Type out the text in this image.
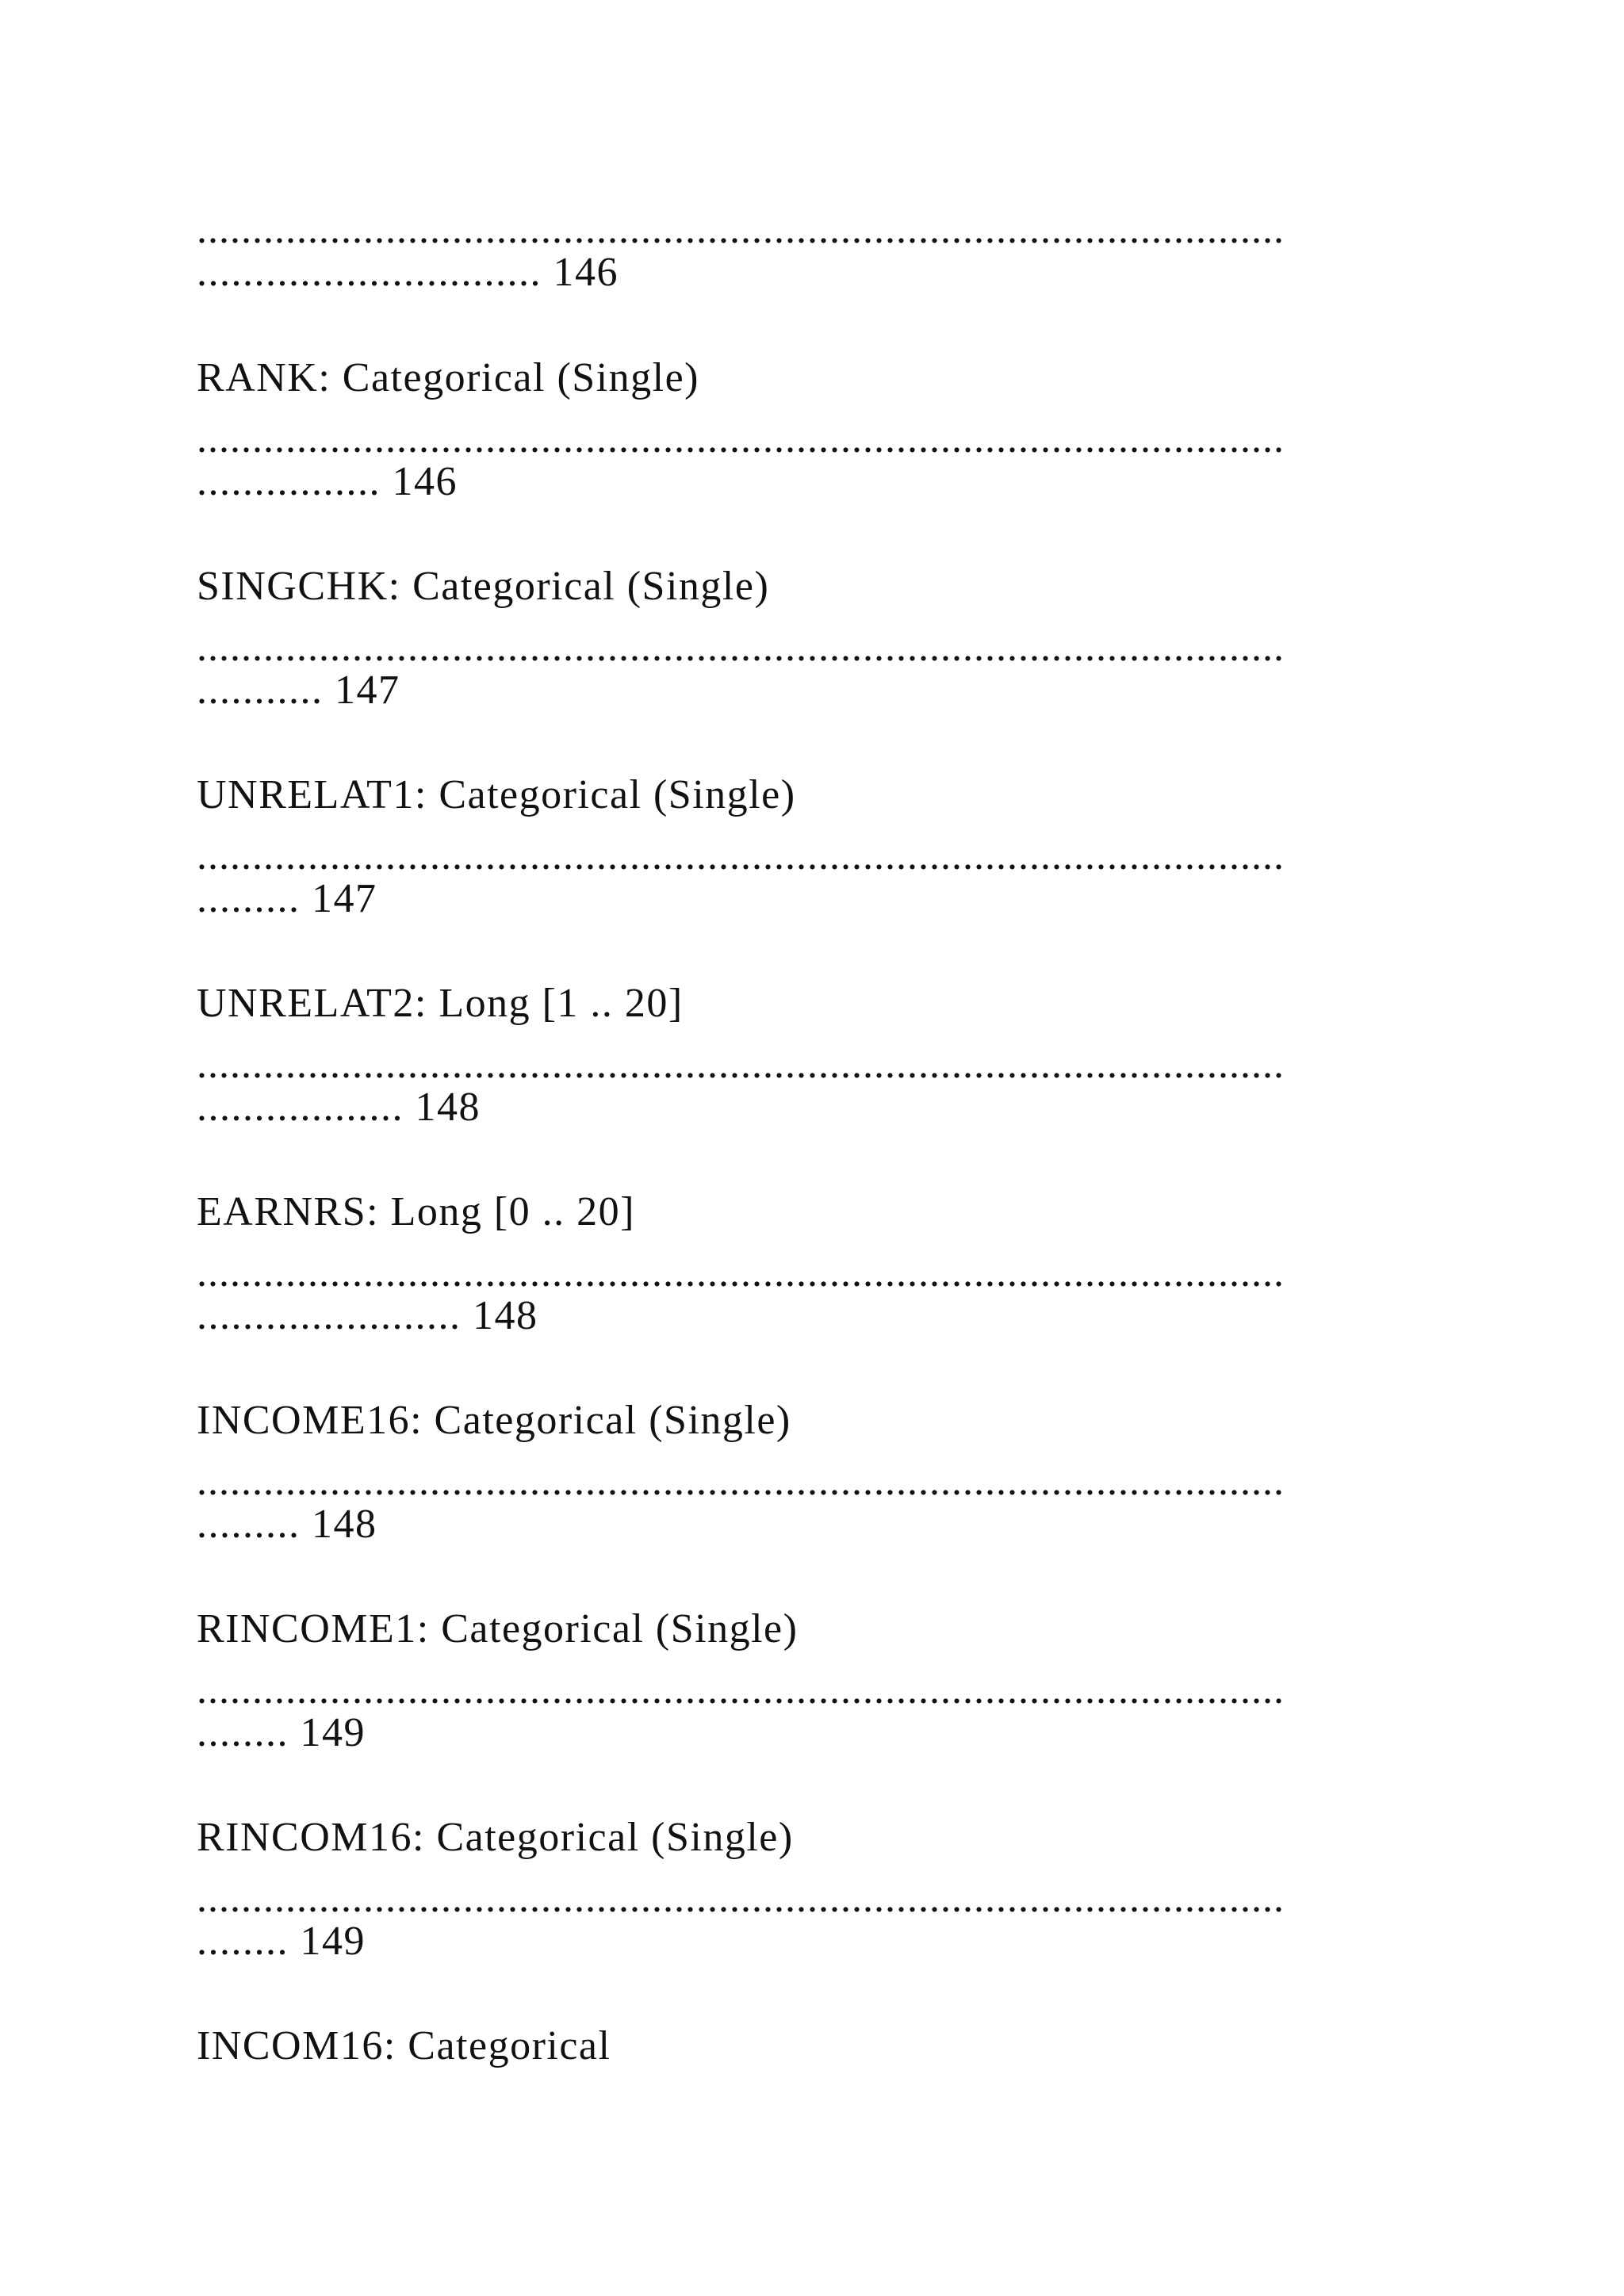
..................................................................................................
.............................. 146
RANK: Categorical (Single)
..................................................................................................
................ 146
SINGCHK: Categorical (Single)
..................................................................................................
........... 147
UNRELAT1: Categorical (Single)
..................................................................................................
......... 147
UNRELAT2: Long [1 .. 20]
..................................................................................................
.................. 148
EARNRS: Long [0 .. 20]
..................................................................................................
....................... 148
INCOME16: Categorical (Single)
..................................................................................................
......... 148
RINCOME1: Categorical (Single)
..................................................................................................
........ 149
RINCOM16: Categorical (Single)
..................................................................................................
........ 149
INCOM16: Categorical
